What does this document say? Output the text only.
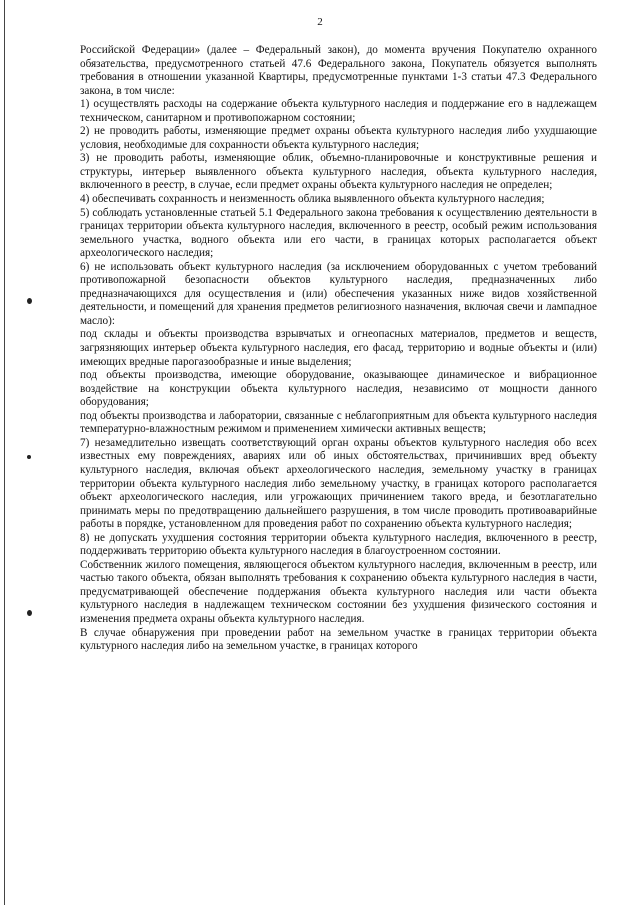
2

Российской Федерации» (далее – Федеральный закон), до момента вручения Покупателю охранного обязательства, предусмотренного статьей 47.6 Федерального закона, Покупатель обязуется выполнять требования в отношении указанной Квартиры, предусмотренные пунктами 1-3 статьи 47.3 Федерального закона, в том числе:

1) осуществлять расходы на содержание объекта культурного наследия и поддержание его в надлежащем техническом, санитарном и противопожарном состоянии;

2) не проводить работы, изменяющие предмет охраны объекта культурного наследия либо ухудшающие условия, необходимые для сохранности объекта культурного наследия;

3) не проводить работы, изменяющие облик, объемно-планировочные и конструктивные решения и структуры, интерьер выявленного объекта культурного наследия, объекта культурного наследия, включенного в реестр, в случае, если предмет охраны объекта культурного наследия не определен;

4) обеспечивать сохранность и неизменность облика выявленного объекта культурного наследия;

5) соблюдать установленные статьей 5.1 Федерального закона требования к осуществлению деятельности в границах территории объекта культурного наследия, включенного в реестр, особый режим использования земельного участка, водного объекта или его части, в границах которых располагается объект археологического наследия;

6) не использовать объект культурного наследия (за исключением оборудованных с учетом требований противопожарной безопасности объектов культурного наследия, предназначенных либо предназначающихся для осуществления и (или) обеспечения указанных ниже видов хозяйственной деятельности, и помещений для хранения предметов религиозного назначения, включая свечи и лампадное масло):

под склады и объекты производства взрывчатых и огнеопасных материалов, предметов и веществ, загрязняющих интерьер объекта культурного наследия, его фасад, территорию и водные объекты и (или) имеющих вредные парогазообразные и иные выделения;

под объекты производства, имеющие оборудование, оказывающее динамическое и вибрационное воздействие на конструкции объекта культурного наследия, независимо от мощности данного оборудования;

под объекты производства и лаборатории, связанные с неблагоприятным для объекта культурного наследия температурно-влажностным режимом и применением химически активных веществ;

7) незамедлительно извещать соответствующий орган охраны объектов культурного наследия обо всех известных ему повреждениях, авариях или об иных обстоятельствах, причинивших вред объекту культурного наследия, включая объект археологического наследия, земельному участку в границах территории объекта культурного наследия либо земельному участку, в границах которого располагается объект археологического наследия, или угрожающих причинением такого вреда, и безотлагательно принимать меры по предотвращению дальнейшего разрушения, в том числе проводить противоаварийные работы в порядке, установленном для проведения работ по сохранению объекта культурного наследия;

8) не допускать ухудшения состояния территории объекта культурного наследия, включенного в реестр, поддерживать территорию объекта культурного наследия в благоустроенном состоянии.

Собственник жилого помещения, являющегося объектом культурного наследия, включенным в реестр, или частью такого объекта, обязан выполнять требования к сохранению объекта культурного наследия в части, предусматривающей обеспечение поддержания объекта культурного наследия или части объекта культурного наследия в надлежащем техническом состоянии без ухудшения физического состояния и изменения предмета охраны объекта культурного наследия.

В случае обнаружения при проведении работ на земельном участке в границах территории объекта культурного наследия либо на земельном участке, в границах которого
